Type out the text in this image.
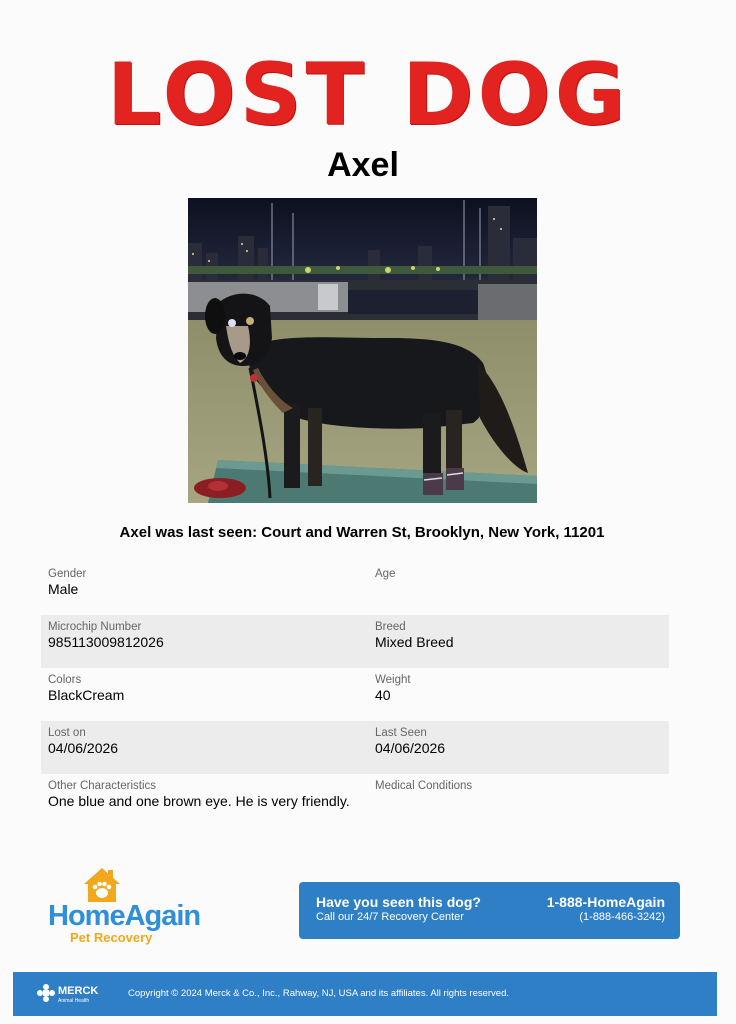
LOST DOG
Axel
Axel was last seen: Court and Warren St, Brooklyn, New York, 11201
Gender
Male
Age
Microchip Number
985113009812026
Breed
Mixed Breed
Colors
BlackCream
Weight
40
Lost on
04/06/2026
Last Seen
04/06/2026
Other Characteristics
One blue and one brown eye. He is very friendly.
Medical Conditions
HomeAgain
Pet Recovery
Have you seen this dog?
Call our 24/7 Recovery Center
1-888-HomeAgain
(1-888-466-3242)
MERCK
Animal Health
Copyright © 2024 Merck & Co., Inc., Rahway, NJ, USA and its affiliates. All rights reserved.
